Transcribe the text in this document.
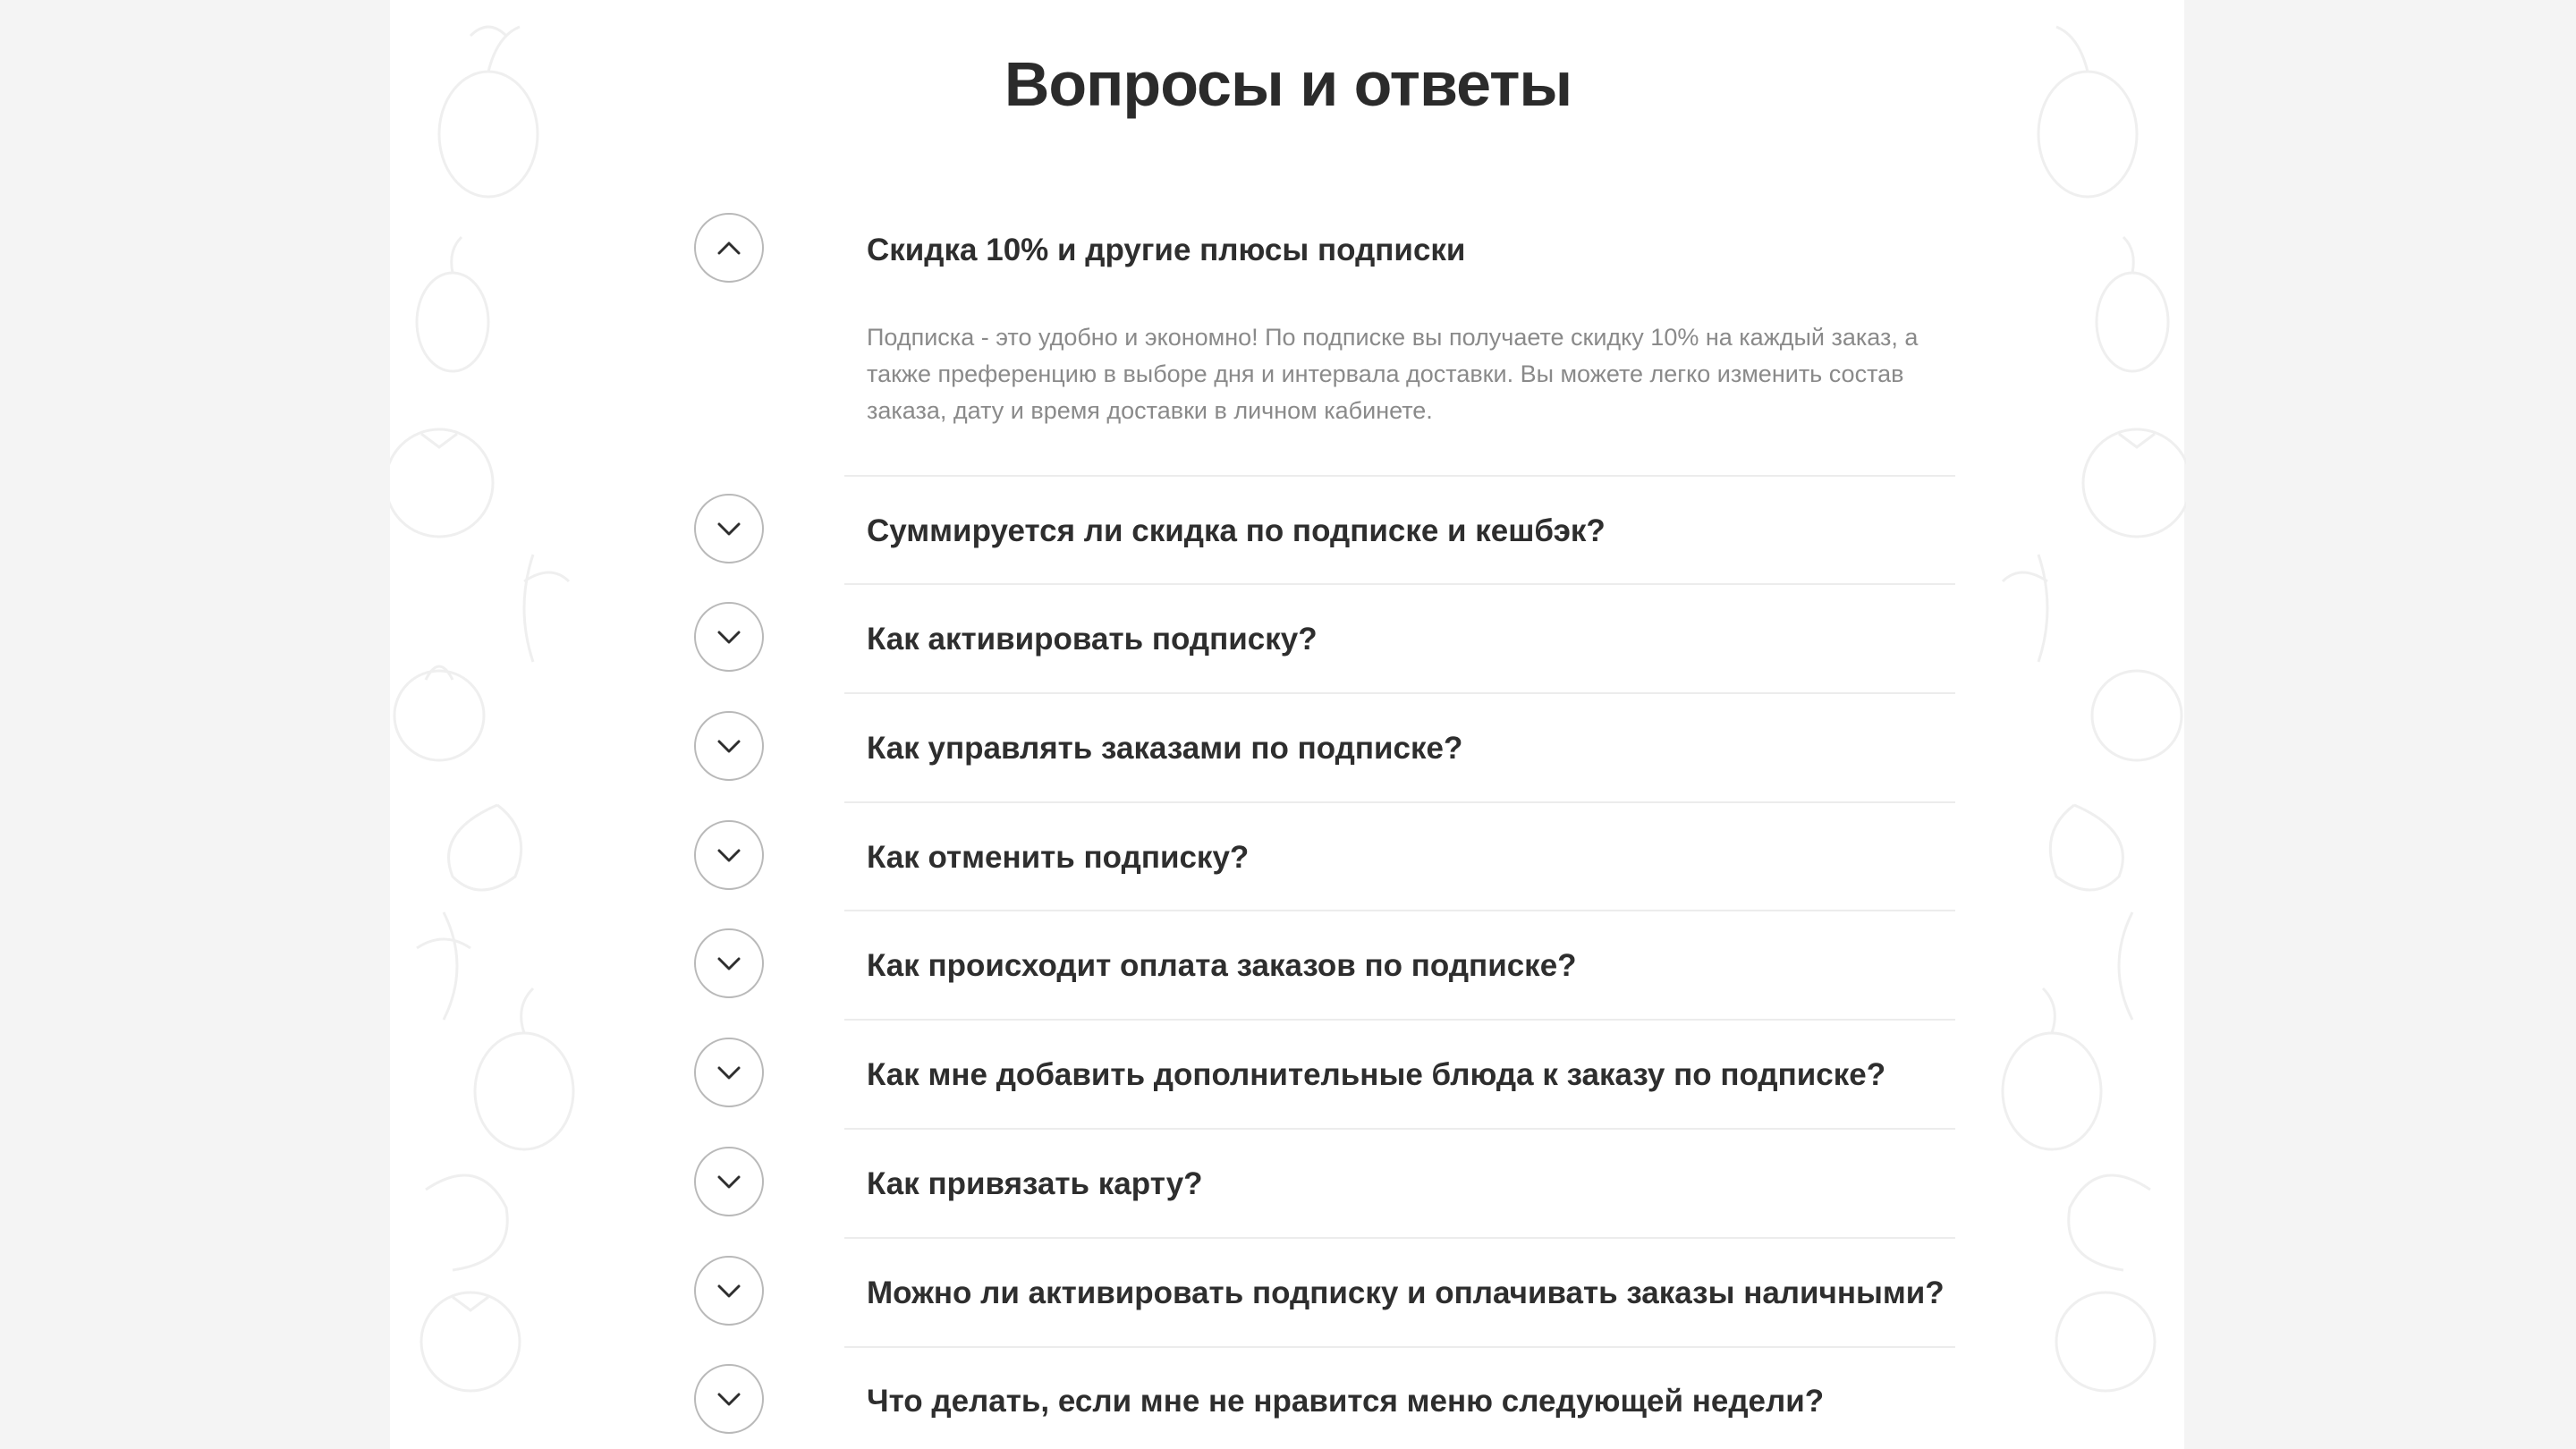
Вопросы и ответы
Скидка 10% и другие плюсы подписки
Подписка - это удобно и экономно! По подписке вы получаете скидку 10% на каждый заказ, а также преференцию в выборе дня и интервала доставки. Вы можете легко изменить состав заказа, дату и время доставки в личном кабинете.
Суммируется ли скидка по подписке и кешбэк?
Как активировать подписку?
Как управлять заказами по подписке?
Как отменить подписку?
Как происходит оплата заказов по подписке?
Как мне добавить дополнительные блюда к заказу по подписке?
Как привязать карту?
Можно ли активировать подписку и оплачивать заказы наличными?
Что делать, если мне не нравится меню следующей недели?
